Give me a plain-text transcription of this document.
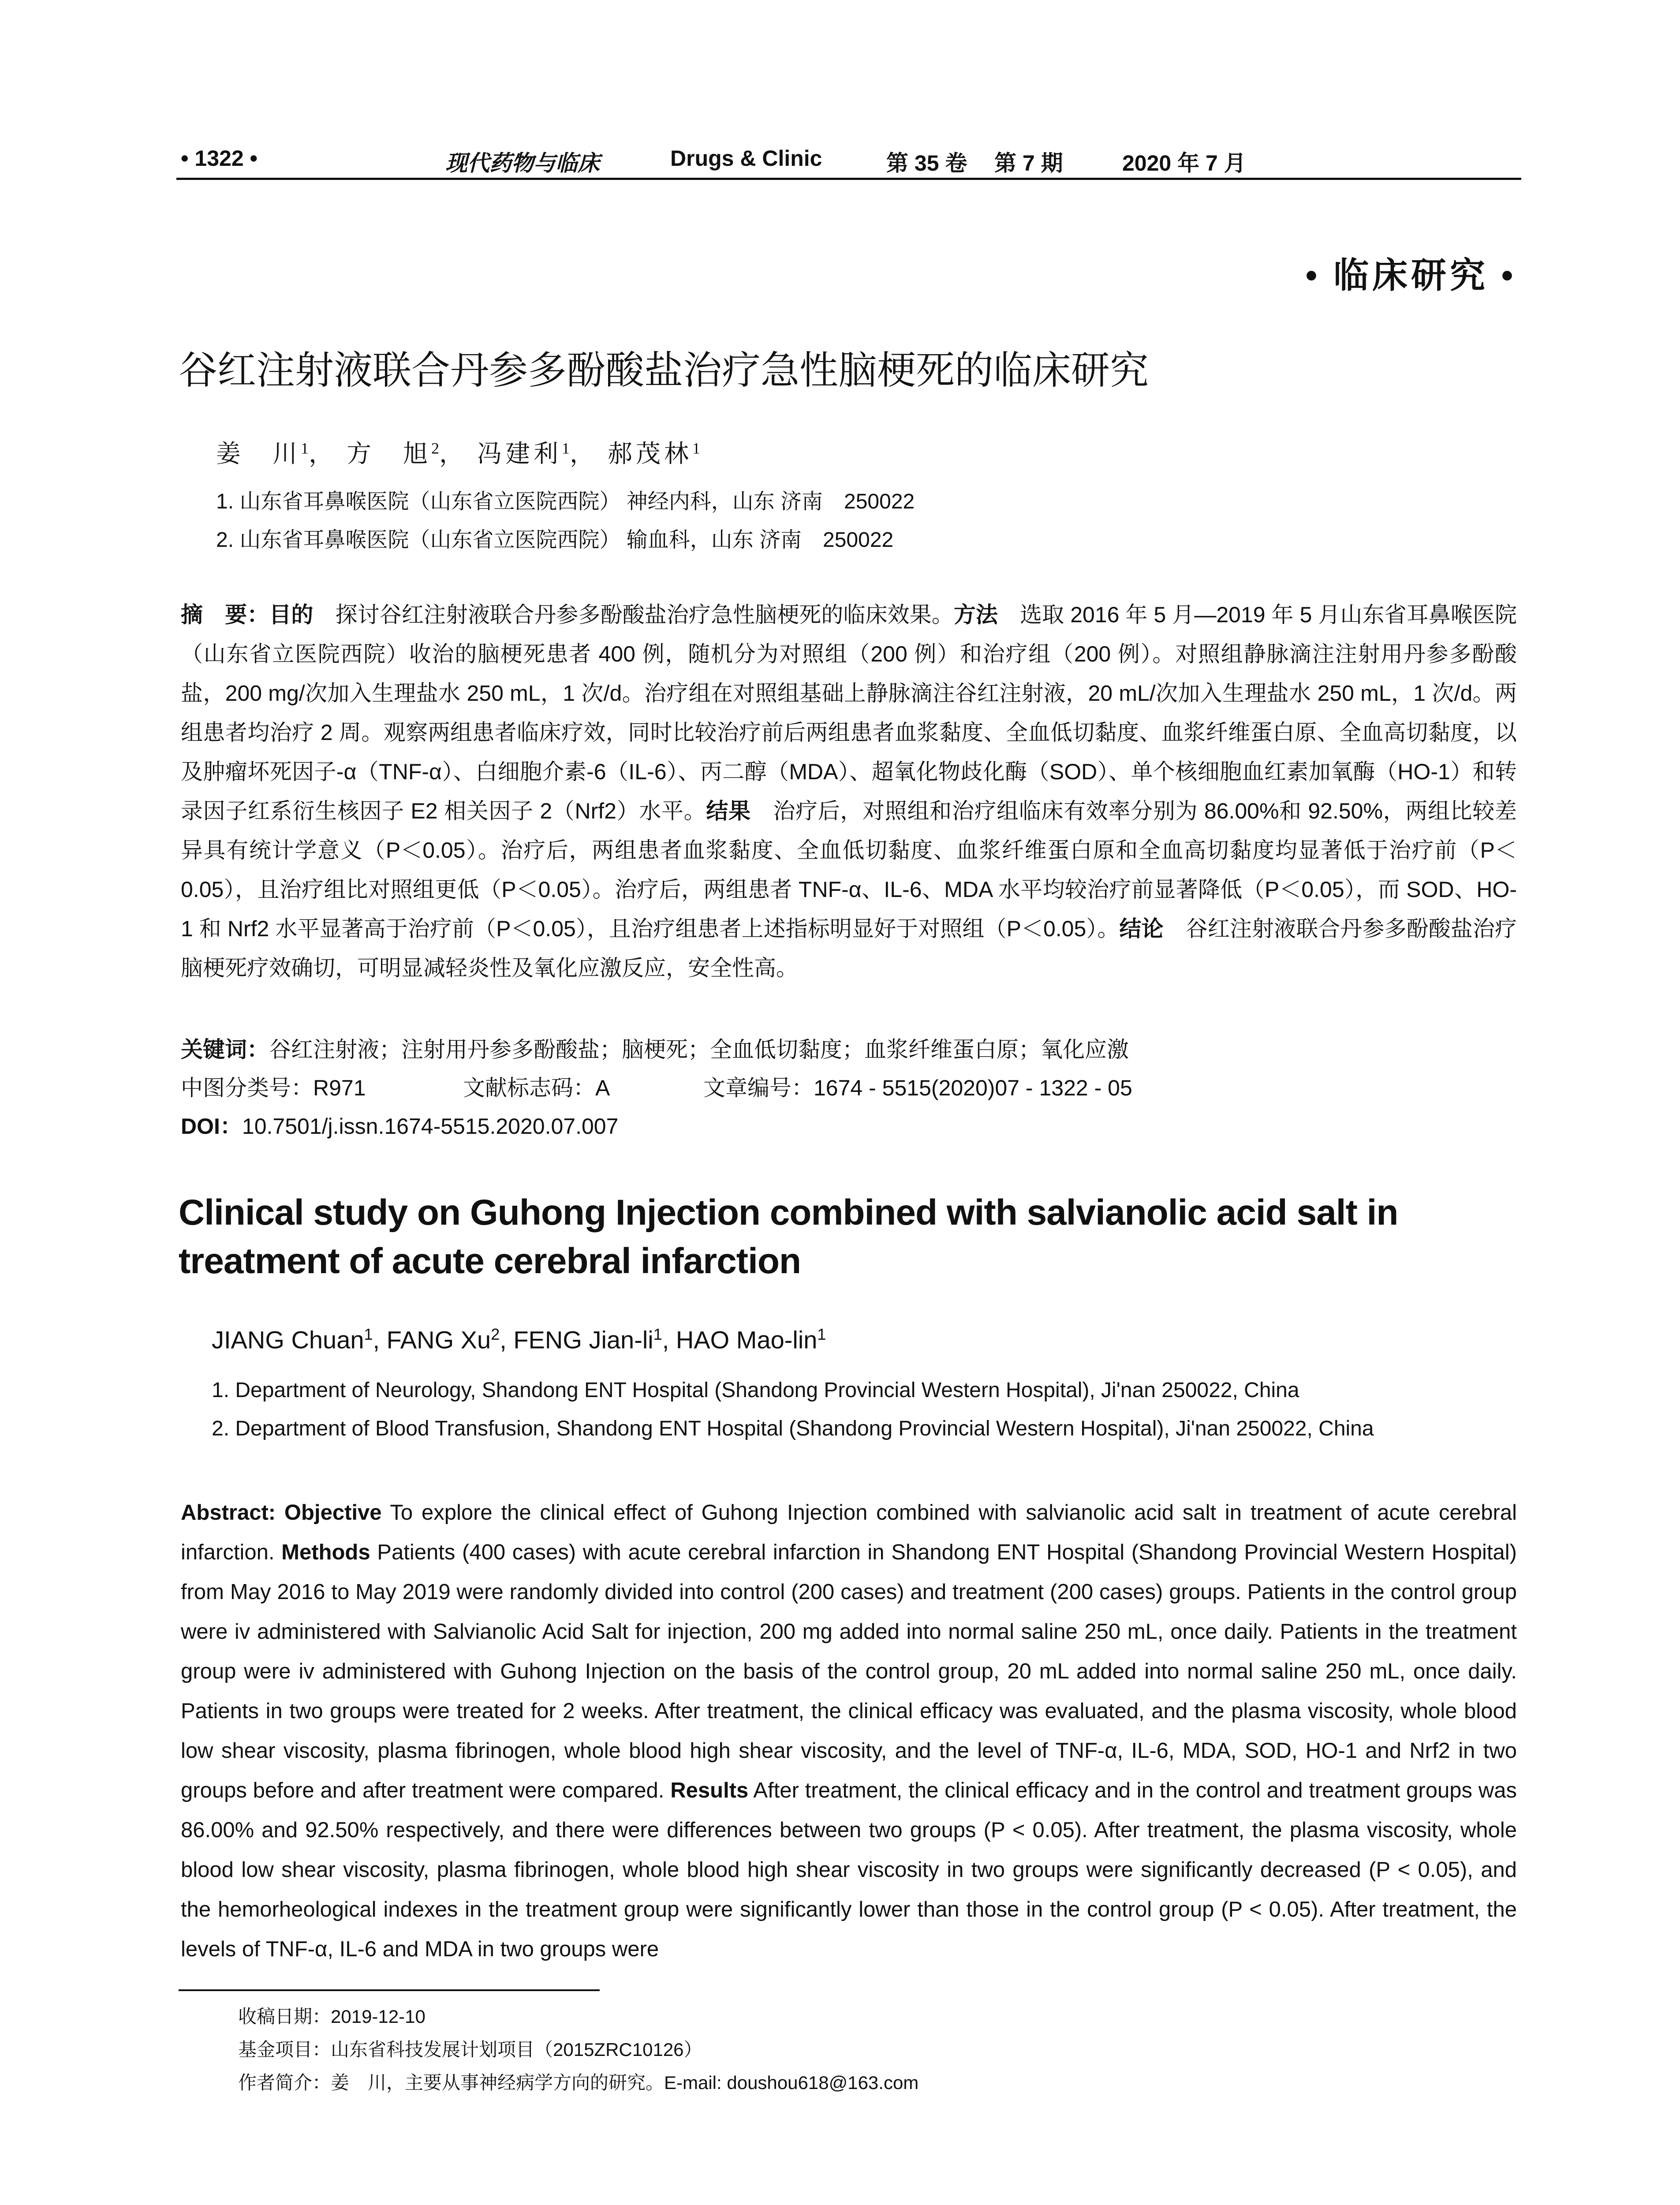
• 1322 •	现代药物与临床	Drugs & Clinic	第 35 卷 第 7 期	2020 年 7 月
• 临床研究 •
谷红注射液联合丹参多酚酸盐治疗急性脑梗死的临床研究
姜　川$^1$， 方　旭$^2$， 冯建利$^1$， 郝茂林$^1$
1. 山东省耳鼻喉医院（山东省立医院西院） 神经内科，山东 济南　250022
2. 山东省耳鼻喉医院（山东省立医院西院） 输血科，山东 济南　250022
摘　要：目的　探讨谷红注射液联合丹参多酚酸盐治疗急性脑梗死的临床效果。方法　选取 2016 年 5 月—2019 年 5 月山东省耳鼻喉医院（山东省立医院西院）收治的脑梗死患者 400 例，随机分为对照组（200 例）和治疗组（200 例）。对照组静脉滴注注射用丹参多酚酸盐，200 mg/次加入生理盐水 250 mL，1 次/d。治疗组在对照组基础上静脉滴注谷红注射液，20 mL/次加入生理盐水 250 mL，1 次/d。两组患者均治疗 2 周。观察两组患者临床疗效，同时比较治疗前后两组患者血浆黏度、全血低切黏度、血浆纤维蛋白原、全血高切黏度，以及肿瘤坏死因子-α（TNF-α）、白细胞介素-6（IL-6）、丙二醇（MDA）、超氧化物歧化酶（SOD）、单个核细胞血红素加氧酶（HO-1）和转录因子红系衍生核因子 E2 相关因子 2（Nrf2）水平。结果　治疗后，对照组和治疗组临床有效率分别为 86.00%和 92.50%，两组比较差异具有统计学意义（P＜0.05）。治疗后，两组患者血浆黏度、全血低切黏度、血浆纤维蛋白原和全血高切黏度均显著低于治疗前（P＜0.05），且治疗组比对照组更低（P＜0.05）。治疗后，两组患者 TNF-α、IL-6、MDA 水平均较治疗前显著降低（P＜0.05），而 SOD、HO-1 和 Nrf2 水平显著高于治疗前（P＜0.05），且治疗组患者上述指标明显好于对照组（P＜0.05）。结论　谷红注射液联合丹参多酚酸盐治疗脑梗死疗效确切，可明显减轻炎性及氧化应激反应，安全性高。
关键词：谷红注射液；注射用丹参多酚酸盐；脑梗死；全血低切黏度；血浆纤维蛋白原；氧化应激
中图分类号：R971	文献标志码：A	文章编号：1674 - 5515(2020)07 - 1322 - 05
DOI：10.7501/j.issn.1674-5515.2020.07.007
Clinical study on Guhong Injection combined with salvianolic acid salt in treatment of acute cerebral infarction
JIANG Chuan$^1$, FANG Xu$^2$, FENG Jian-$li^1$, HAO Mao-lin$^1$
1. Department of Neurology, Shandong ENT Hospital (Shandong Provincial Western Hospital), Ji'nan 250022, China
2. Department of Blood Transfusion, Shandong ENT Hospital (Shandong Provincial Western Hospital), Ji'nan 250022, China
Abstract: Objective To explore the clinical effect of Guhong Injection combined with salvianolic acid salt in treatment of acute cerebral infarction. Methods Patients (400 cases) with acute cerebral infarction in Shandong ENT Hospital (Shandong Provincial Western Hospital) from May 2016 to May 2019 were randomly divided into control (200 cases) and treatment (200 cases) groups. Patients in the control group were iv administered with Salvianolic Acid Salt for injection, 200 mg added into normal saline 250 mL, once daily. Patients in the treatment group were iv administered with Guhong Injection on the basis of the control group, 20 mL added into normal saline 250 mL, once daily. Patients in two groups were treated for 2 weeks. After treatment, the clinical efficacy was evaluated, and the plasma viscosity, whole blood low shear viscosity, plasma fibrinogen, whole blood high shear viscosity, and the level of TNF-α, IL-6, MDA, SOD, HO-1 and Nrf2 in two groups before and after treatment were compared. Results After treatment, the clinical efficacy and in the control and treatment groups was 86.00% and 92.50% respectively, and there were differences between two groups (P < 0.05). After treatment, the plasma viscosity, whole blood low shear viscosity, plasma fibrinogen, whole blood high shear viscosity in two groups were significantly decreased (P < 0.05), and the hemorheological indexes in the treatment group were significantly lower than those in the control group (P < 0.05). After treatment, the levels of TNF-α, IL-6 and MDA in two groups were
收稿日期：2019-12-10
基金项目：山东省科技发展计划项目（2015ZRC10126）
作者简介：姜　川，主要从事神经病学方向的研究。E-mail: doushou618@163.com
